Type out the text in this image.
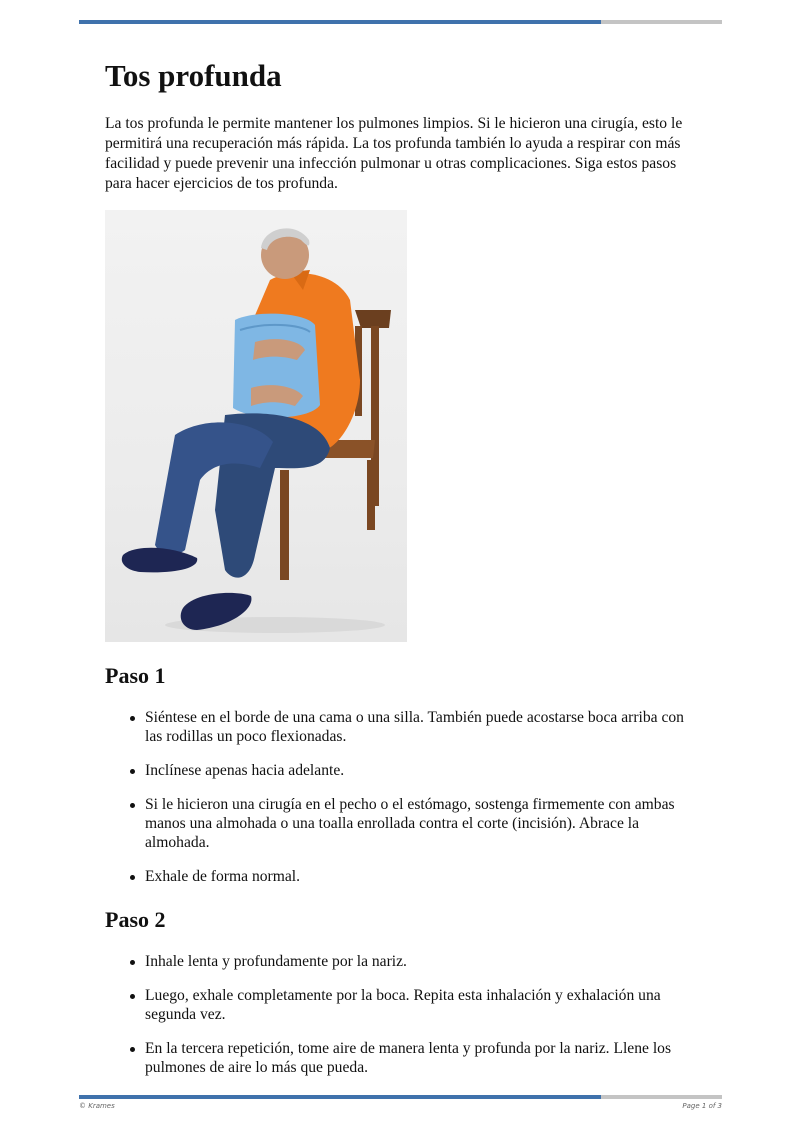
Tos profunda

La tos profunda le permite mantener los pulmones limpios. Si le hicieron una cirugía, esto le permitirá una recuperación más rápida. La tos profunda también lo ayuda a respirar con más facilidad y puede prevenir una infección pulmonar u otras complicaciones. Siga estos pasos para hacer ejercicios de tos profunda.

Paso 1
Siéntese en el borde de una cama o una silla. También puede acostarse boca arriba con las rodillas un poco flexionadas.
Inclínese apenas hacia adelante.
Si le hicieron una cirugía en el pecho o el estómago, sostenga firmemente con ambas manos una almohada o una toalla enrollada contra el corte (incisión). Abrace la almohada.
Exhale de forma normal.
Paso 2
Inhale lenta y profundamente por la nariz.
Luego, exhale completamente por la boca. Repita esta inhalación y exhalación una segunda vez.
En la tercera repetición, tome aire de manera lenta y profunda por la nariz. Llene los pulmones de aire lo más que pueda.
© Krames	Page 1 of 3
